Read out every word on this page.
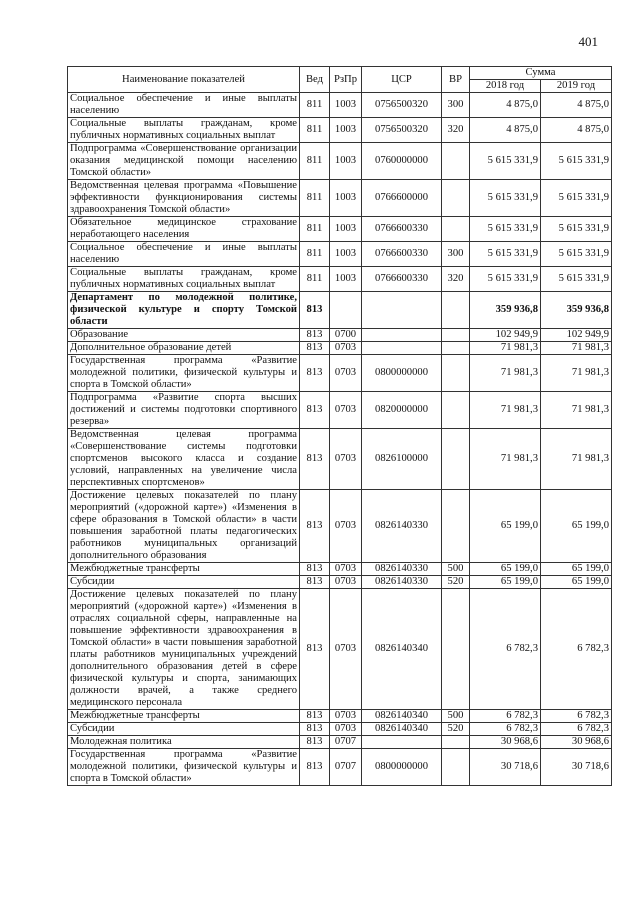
401
Наименование показателей	Вед	РзПр	ЦСР	ВР	Сумма	
					2018 год	2019 год
Социальное обеспечение и иные выплаты населению	811	1003	0756500320	300	4 875,0	4 875,0
Социальные выплаты гражданам, кроме публичных нормативных социальных выплат	811	1003	0756500320	320	4 875,0	4 875,0
Подпрограмма «Совершенствование организации оказания медицинской помощи населению Томской области»	811	1003	0760000000		5 615 331,9	5 615 331,9
Ведомственная целевая программа «Повышение эффективности функционирования системы здравоохранения Томской области»	811	1003	0766600000		5 615 331,9	5 615 331,9
Обязательное медицинское страхование неработающего населения	811	1003	0766600330		5 615 331,9	5 615 331,9
Социальное обеспечение и иные выплаты населению	811	1003	0766600330	300	5 615 331,9	5 615 331,9
Социальные выплаты гражданам, кроме публичных нормативных социальных выплат	811	1003	0766600330	320	5 615 331,9	5 615 331,9
Департамент по молодежной политике, физической культуре и спорту Томской области	813				359 936,8	359 936,8
Образование	813	0700			102 949,9	102 949,9
Дополнительное образование детей	813	0703			71 981,3	71 981,3
Государственная программа «Развитие молодежной политики, физической культуры и спорта в Томской области»	813	0703	0800000000		71 981,3	71 981,3
Подпрограмма «Развитие спорта высших достижений и системы подготовки спортивного резерва»	813	0703	0820000000		71 981,3	71 981,3
Ведомственная целевая программа «Совершенствование системы подготовки спортсменов высокого класса и создание условий, направленных на увеличение числа перспективных спортсменов»	813	0703	0826100000		71 981,3	71 981,3
Достижение целевых показателей по плану мероприятий («дорожной карте») «Изменения в сфере образования в Томской области» в части повышения заработной платы педагогических работников муниципальных организаций дополнительного образования	813	0703	0826140330		65 199,0	65 199,0
Межбюджетные трансферты	813	0703	0826140330	500	65 199,0	65 199,0
Субсидии	813	0703	0826140330	520	65 199,0	65 199,0
Достижение целевых показателей по плану мероприятий («дорожной карте») «Изменения в отраслях социальной сферы, направленные на повышение эффективности здравоохранения в Томской области» в части повышения заработной платы работников муниципальных учреждений дополнительного образования детей в сфере физической культуры и спорта, занимающих должности врачей, а также среднего медицинского персонала	813	0703	0826140340		6 782,3	6 782,3
Межбюджетные трансферты	813	0703	0826140340	500	6 782,3	6 782,3
Субсидии	813	0703	0826140340	520	6 782,3	6 782,3
Молодежная политика	813	0707			30 968,6	30 968,6
Государственная программа «Развитие молодежной политики, физической культуры и спорта в Томской области»	813	0707	0800000000		30 718,6	30 718,6
